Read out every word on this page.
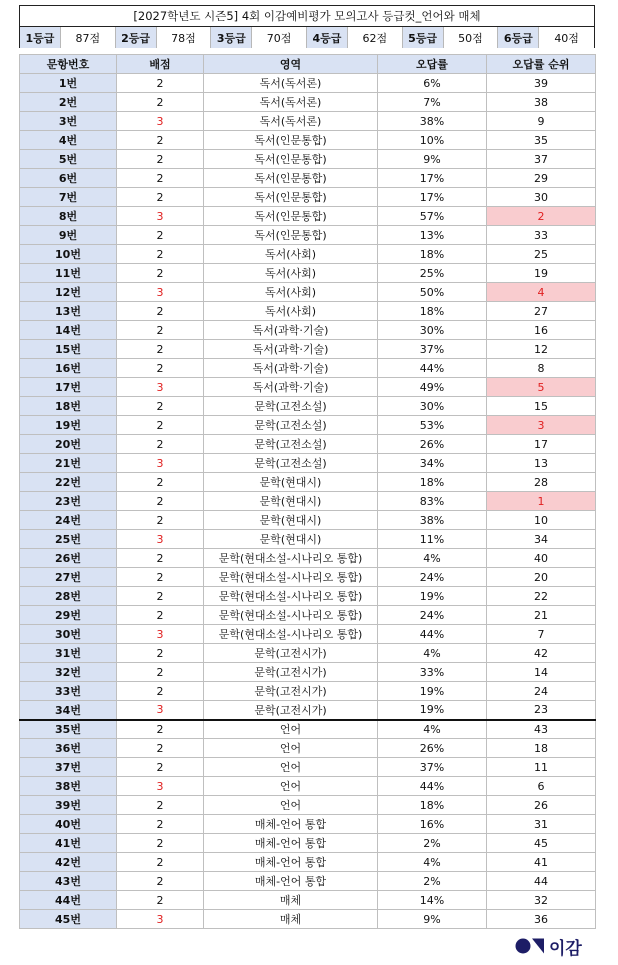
[2027학년도 시즌5] 4회 이감예비평가 모의고사 등급컷_언어와 매체
1등급	87점	2등급	78점	3등급	70점	4등급	62점	5등급	50점	6등급	40점
문항번호	배점	영역	오답률	오답률 순위
1번	2	독서(독서론)	6%	39
2번	2	독서(독서론)	7%	38
3번	3	독서(독서론)	38%	9
4번	2	독서(인문통합)	10%	35
5번	2	독서(인문통합)	9%	37
6번	2	독서(인문통합)	17%	29
7번	2	독서(인문통합)	17%	30
8번	3	독서(인문통합)	57%	2
9번	2	독서(인문통합)	13%	33
10번	2	독서(사회)	18%	25
11번	2	독서(사회)	25%	19
12번	3	독서(사회)	50%	4
13번	2	독서(사회)	18%	27
14번	2	독서(과학·기술)	30%	16
15번	2	독서(과학·기술)	37%	12
16번	2	독서(과학·기술)	44%	8
17번	3	독서(과학·기술)	49%	5
18번	2	문학(고전소설)	30%	15
19번	2	문학(고전소설)	53%	3
20번	2	문학(고전소설)	26%	17
21번	3	문학(고전소설)	34%	13
22번	2	문학(현대시)	18%	28
23번	2	문학(현대시)	83%	1
24번	2	문학(현대시)	38%	10
25번	3	문학(현대시)	11%	34
26번	2	문학(현대소설-시나리오 통합)	4%	40
27번	2	문학(현대소설-시나리오 통합)	24%	20
28번	2	문학(현대소설-시나리오 통합)	19%	22
29번	2	문학(현대소설-시나리오 통합)	24%	21
30번	3	문학(현대소설-시나리오 통합)	44%	7
31번	2	문학(고전시가)	4%	42
32번	2	문학(고전시가)	33%	14
33번	2	문학(고전시가)	19%	24
34번	3	문학(고전시가)	19%	23
35번	2	언어	4%	43
36번	2	언어	26%	18
37번	2	언어	37%	11
38번	3	언어	44%	6
39번	2	언어	18%	26
40번	2	매체-언어 통합	16%	31
41번	2	매체-언어 통합	2%	45
42번	2	매체-언어 통합	4%	41
43번	2	매체-언어 통합	2%	44
44번	2	매체	14%	32
45번	3	매체	9%	36
이감
